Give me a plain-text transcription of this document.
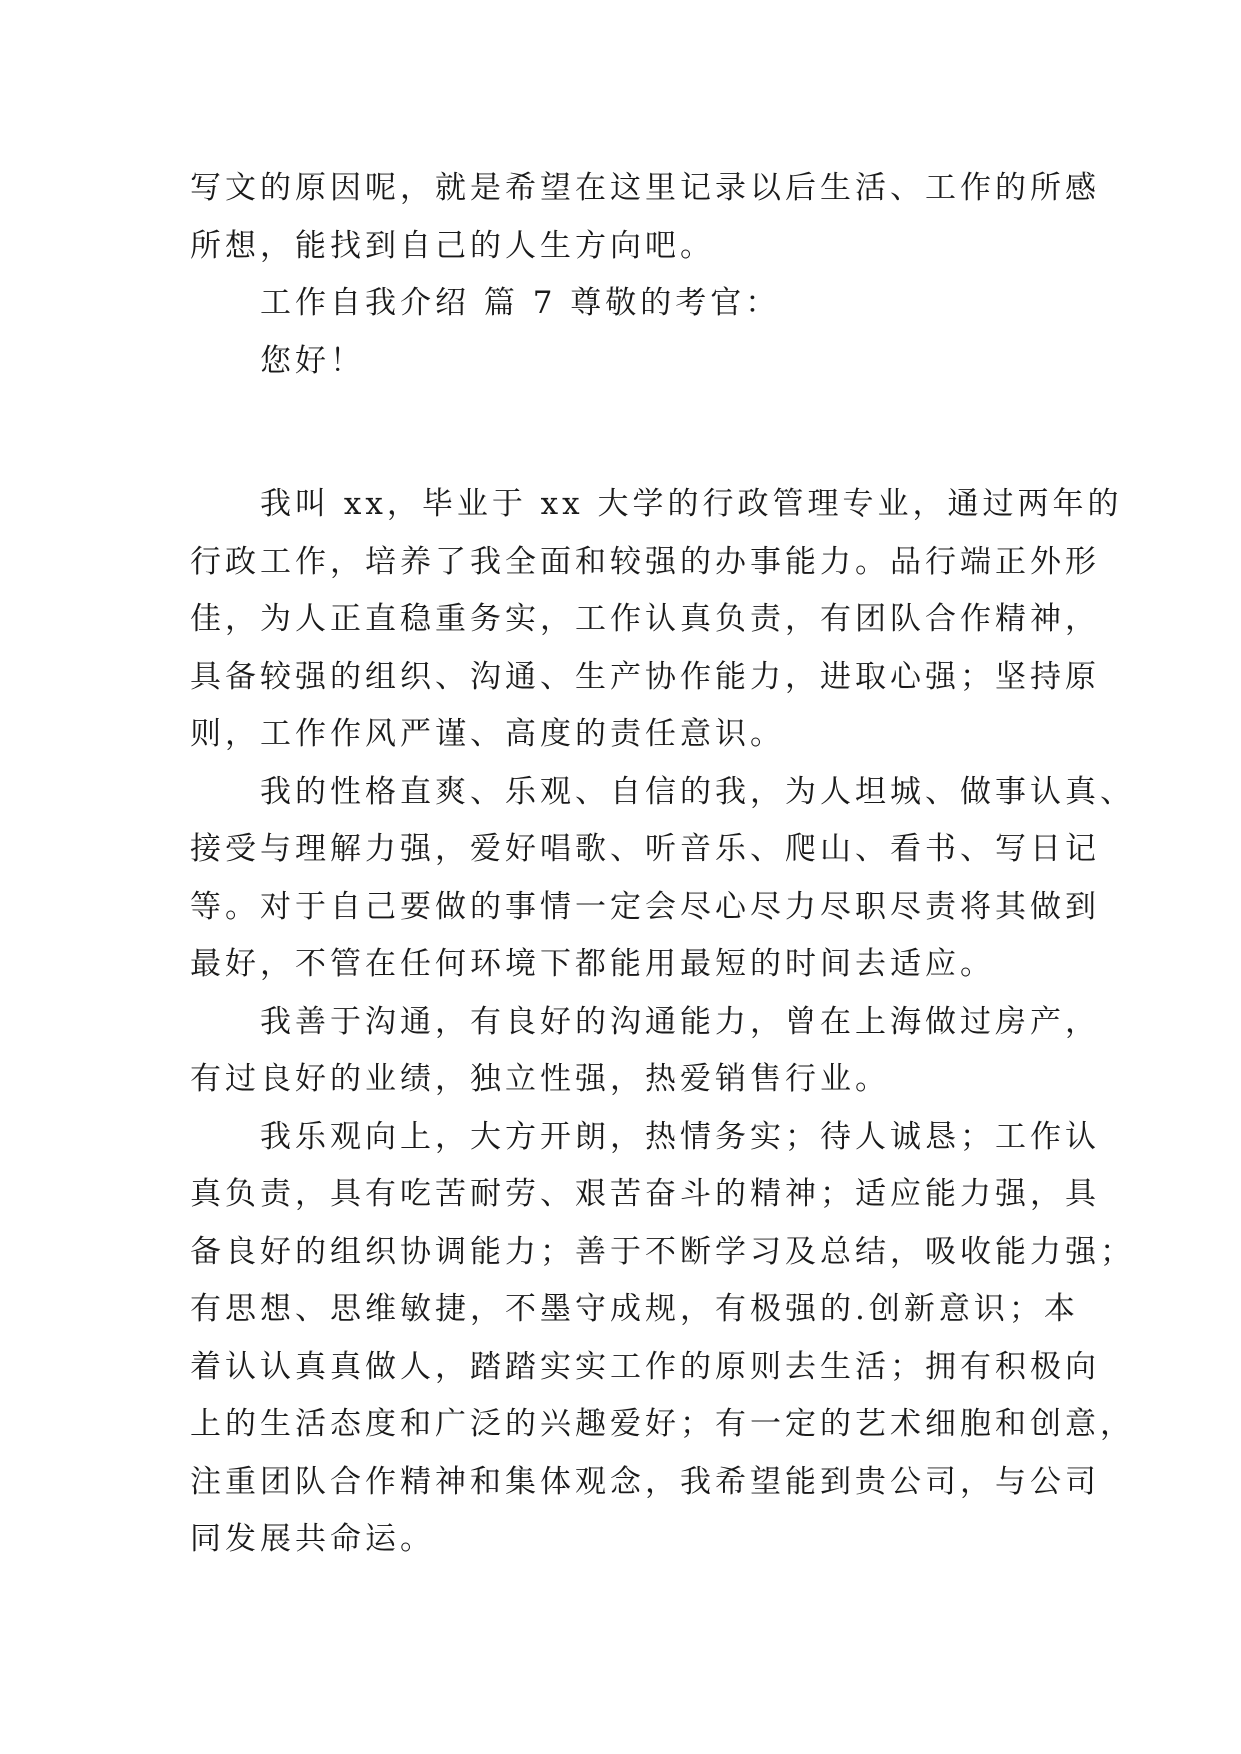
写文的原因呢，就是希望在这里记录以后生活、工作的所感
所想，能找到自己的人生方向吧。
工作自我介绍 篇 7 尊敬的考官：
您好！
我叫 xx，毕业于 xx 大学的行政管理专业，通过两年的
行政工作，培养了我全面和较强的办事能力。品行端正外形
佳，为人正直稳重务实，工作认真负责，有团队合作精神，
具备较强的组织、沟通、生产协作能力，进取心强；坚持原
则，工作作风严谨、高度的责任意识。
我的性格直爽、乐观、自信的我，为人坦城、做事认真、
接受与理解力强，爱好唱歌、听音乐、爬山、看书、写日记
等。对于自己要做的事情一定会尽心尽力尽职尽责将其做到
最好，不管在任何环境下都能用最短的时间去适应。
我善于沟通，有良好的沟通能力，曾在上海做过房产，
有过良好的业绩，独立性强，热爱销售行业。
我乐观向上，大方开朗，热情务实；待人诚恳；工作认
真负责，具有吃苦耐劳、艰苦奋斗的精神；适应能力强，具
备良好的组织协调能力；善于不断学习及总结，吸收能力强；
有思想、思维敏捷，不墨守成规，有极强的.创新意识；本
着认认真真做人，踏踏实实工作的原则去生活；拥有积极向
上的生活态度和广泛的兴趣爱好；有一定的艺术细胞和创意，
注重团队合作精神和集体观念，我希望能到贵公司，与公司
同发展共命运。
